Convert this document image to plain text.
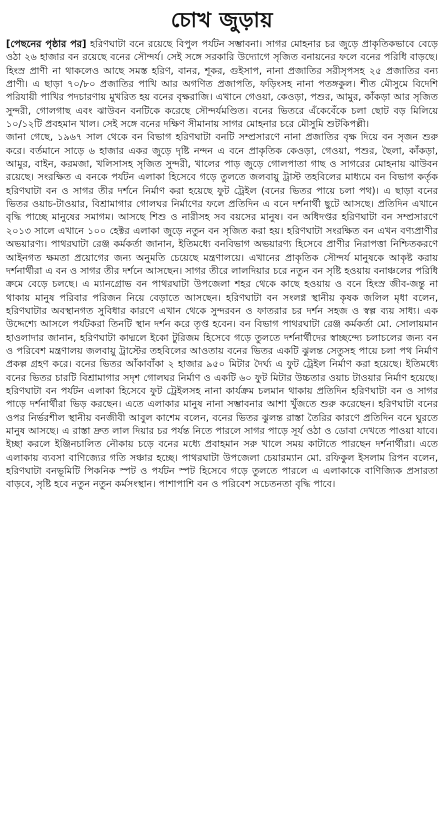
চোখ জুড়ায়

[পেছনের পৃষ্ঠার পর] হরিণঘাটা বনে রয়েছে বিপুল পর্যটন সম্ভাবনা। সাগর মোহনার চর জুড়ে প্রাকৃতিকভাবে বেড়ে ওঠা ২৬ হাজার বন রয়েছে বনের সৌন্দর্য। সেই সঙ্গে সরকারি উদ্যোগে সৃজিত বনায়নের ফলে বনের পরিধি বাড়ছে। হিংস্র প্রাণী না থাকলেও আছে সমস্ত হরিণ, বানর, শূকর, গুইসাপ, নানা প্রজাতির সরীসৃপসহ ২৫ প্রজাতির বন্য প্রাণী। এ ছাড়া ৭০/৮০ প্রজাতির পাখি আর অগণিত প্রজাপতি, ফড়িংসহ নানা পতঙ্গকুল। শীত মৌসুমে বিদেশি পরিযায়ী পাখির পদচারণায় মুখরিত হয় বনের বৃক্ষরাজি। এখানে গেওয়া, কেওড়া, পশুর, আমুর, কাঁকড়া আর সৃজিত সুন্দরী, গোলগাছ এবং ঝাউবন বনটিকে করেছে সৌন্দর্যমণ্ডিত। বনের ভিতরে এঁকেবেঁকে চলা ছোট বড় মিলিয়ে ১০/১২টি প্রবহমান খাল। সেই সঙ্গে বনের দক্ষিণ সীমানায় সাগর মোহনার চরে মৌসুমি শুটকিপল্লী।

জানা গেছে, ১৯৬৭ সাল থেকে বন বিভাগ হরিণঘাটা বনটি সম্প্রসারণে নানা প্রজাতির বৃক্ষ দিয়ে বন সৃজন শুরু করে। বর্তমানে সাড়ে ৬ হাজার একর জুড়ে দৃষ্টি নন্দন এ বনে প্রাকৃতিক কেওড়া, গেওয়া, পশুর, ছৈলা, কাঁকড়া, আমুর, বাইন, করমজা, খলিসাসহ সৃজিত সুন্দরী, খালের পাড় জুড়ে গোলপাতা গাছ ও সাগরের মোহনায় ঝাউবন রয়েছে। সংরক্ষিত এ বনকে পর্যটন এলাকা হিসেবে গড়ে তুলতে জলবায়ু ট্রাস্ট তহবিলের মাধ্যমে বন বিভাগ কর্তৃক হরিণঘাটা বন ও সাগর তীর দর্শনে নির্মাণ করা হয়েছে ফুট ট্রেইল (বনের ভিতর পায়ে চলা পথ)। এ ছাড়া বনের ভিতর ওয়াচ-টাওয়ার, বিশ্রামাগার গোলঘর নির্মাণের ফলে প্রতিদিন এ বনে দর্শনার্থী ছুটে আসছে। প্রতিদিন এখানে বৃদ্ধি পাচ্ছে মানুষের সমাগম। আসছে শিশু ও নারীসহ সব বয়সের মানুষ। বন অধিদপ্তর হরিণঘাটা বন সম্প্রসারণে ২০১৩ সালে এখানে ১০০ হেক্টর এলাকা জুড়ে নতুন বন সৃজিত করা হয়। হরিণঘাটা সংরক্ষিত বন এখন বণ্যপ্রাণীর অভয়ারণ্য। পাথরঘাটা রেঞ্জ কর্মকর্তা জানান, ইতিমধ্যে বনবিভাগ অভয়ারণ্য হিসেবে প্রাণীর নিরাপত্তা নিশ্চিতকরণে আইনগত ক্ষমতা প্রয়োগের জন্য অনুমতি চেয়েছে মন্ত্রণালয়ে। এখানের প্রাকৃতিক সৌন্দর্য মানুষকে আকৃষ্ট করায় দর্শনার্থীরা এ বন ও সাগর তীর দর্শনে আসছেন। সাগর তীরে লালদিয়ার চরে নতুন বন সৃষ্টি হওয়ায় বনাঞ্চলের পরিধি ক্রমে বেড়ে চলছে। এ ম্যানগ্রোভ বন পাথরঘাটা উপজেলা শহর থেকে কাছে হওয়ায় ও বনে হিংস্র জীব-জন্তু না থাকায় মানুষ পরিবার পরিজন নিয়ে বেড়াতে আসছেন। হরিণঘাটা বন সংলগ্ন স্থানীয় কৃষক জলিল মৃধা বলেন, হরিণঘাটার অবস্থানগত সুবিধার কারণে এখান থেকে সুন্দরবন ও ফাতরার চর দর্শন সহজ ও স্বল্প ব্যয় সাধ্য। এক উদ্দেশ্যে আসলে পর্যটকরা তিনটি স্থান দর্শন করে তৃপ্ত হবেন। বন বিভাগ পাথরঘাটা রেঞ্জ কর্মকর্তা মো. সোলায়মান হাওলাদার জানান, হরিণঘাটা কাদ্মলে ইকো টুরিজম হিসেবে গড়ে তুলতে দর্শনার্থীদের স্বাচ্ছন্দ্যে চলাচলের জন্য বন ও পরিবেশ মন্ত্রণালয় জলবায়ু ট্রাস্টের তহবিলের আওতায় বনের ভিতর একটি ঝুলন্ত সেতুসহ পায়ে চলা পথ নির্মাণ প্রকল্প গ্রহণ করে। বনের ভিতর আঁকাবাঁকা ২ হাজার ৯৫০ মিটার দৈর্ঘ্য এ ফুট ট্রেইল নির্মাণ করা হয়েছে। ইতিমধ্যে বনের ভিতর চারটি বিশ্রামাগার সদৃশ গোলঘর নির্মাণ ও একটি ৬০ ফুট মিটার উচ্চতার ওয়াচ টাওয়ার নির্মাণ হয়েছে। হরিণঘাটা বন পর্যটন এলাকা হিসেবে ফুট ট্রেইলসহ নানা কার্যক্রম চলমান থাকায় প্রতিদিন হরিণঘাটা বন ও সাগর পাড়ে দর্শনার্থীরা ভিড় করছেন। এতে এলাকার মানুষ নানা সম্ভাবনার আশা খুঁজতে শুরু করেছেন। হরিণঘাটা বনের ওপর নির্ভরশীল স্থানীয় বনজীবী আবুল কাশেম বলেন, বনের ভিতর ঝুলন্ত রাস্তা তৈরির কারণে প্রতিদিন বনে ঘুরতে মানুষ আসছে। এ রাস্তা দ্রুত লাল দিয়ার চর পর্যন্ত নিতে পারলে সাগর পাড়ে সূর্য ওঠা ও ডোবা দেখতে পাওয়া যাবে। ইচ্ছা করলে ইঞ্জিনচালিত নৌকায় চড়ে বনের মধ্যে প্রবাহমান সরু খালে সময় কাটাতে পারছেন দর্শনার্থীরা। এতে এলাকায় ব্যবসা বাণিজ্যের গতি সঞ্চার হচ্ছে। পাথরঘাটা উপজেলা চেয়ারম্যান মো. রফিকুল ইসলাম রিপন বলেন, হরিণঘাটা বনভূমিটি পিকনিক স্পট ও পর্যটন স্পট হিসেবে গড়ে তুলতে পারলে এ এলাকাকে বাণিজ্যিক প্রসারতা বাড়বে, সৃষ্টি হবে নতুন নতুন কর্মসংস্থান। পাশাপাশি বন ও পরিবেশ সচেতনতা বৃদ্ধি পাবে।
